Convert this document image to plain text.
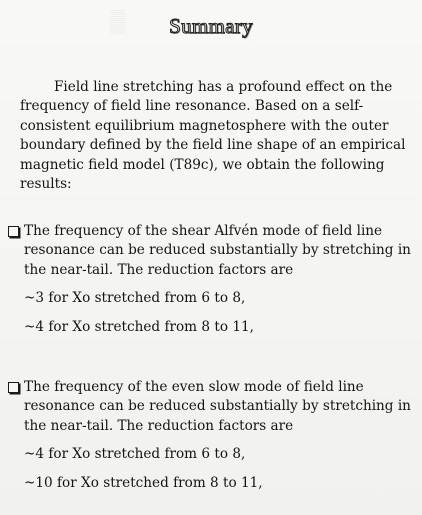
▒	Summary
Field line stretching has a profound effect on the frequency of field line resonance. Based on a self-consistent equilibrium magnetosphere with the outer boundary defined by the field line shape of an empirical magnetic field model (T89c), we obtain the following results:
The frequency of the shear Alfvén mode of field line resonance can be reduced substantially by stretching in the near-tail. The reduction factors are
~3 for Xo stretched from 6 to 8,
~4 for Xo stretched from 8 to 11,
The frequency of the even slow mode of field line resonance can be reduced substantially by stretching in the near-tail. The reduction factors are
~4 for Xo stretched from 6 to 8,
~10 for Xo stretched from 8 to 11,
